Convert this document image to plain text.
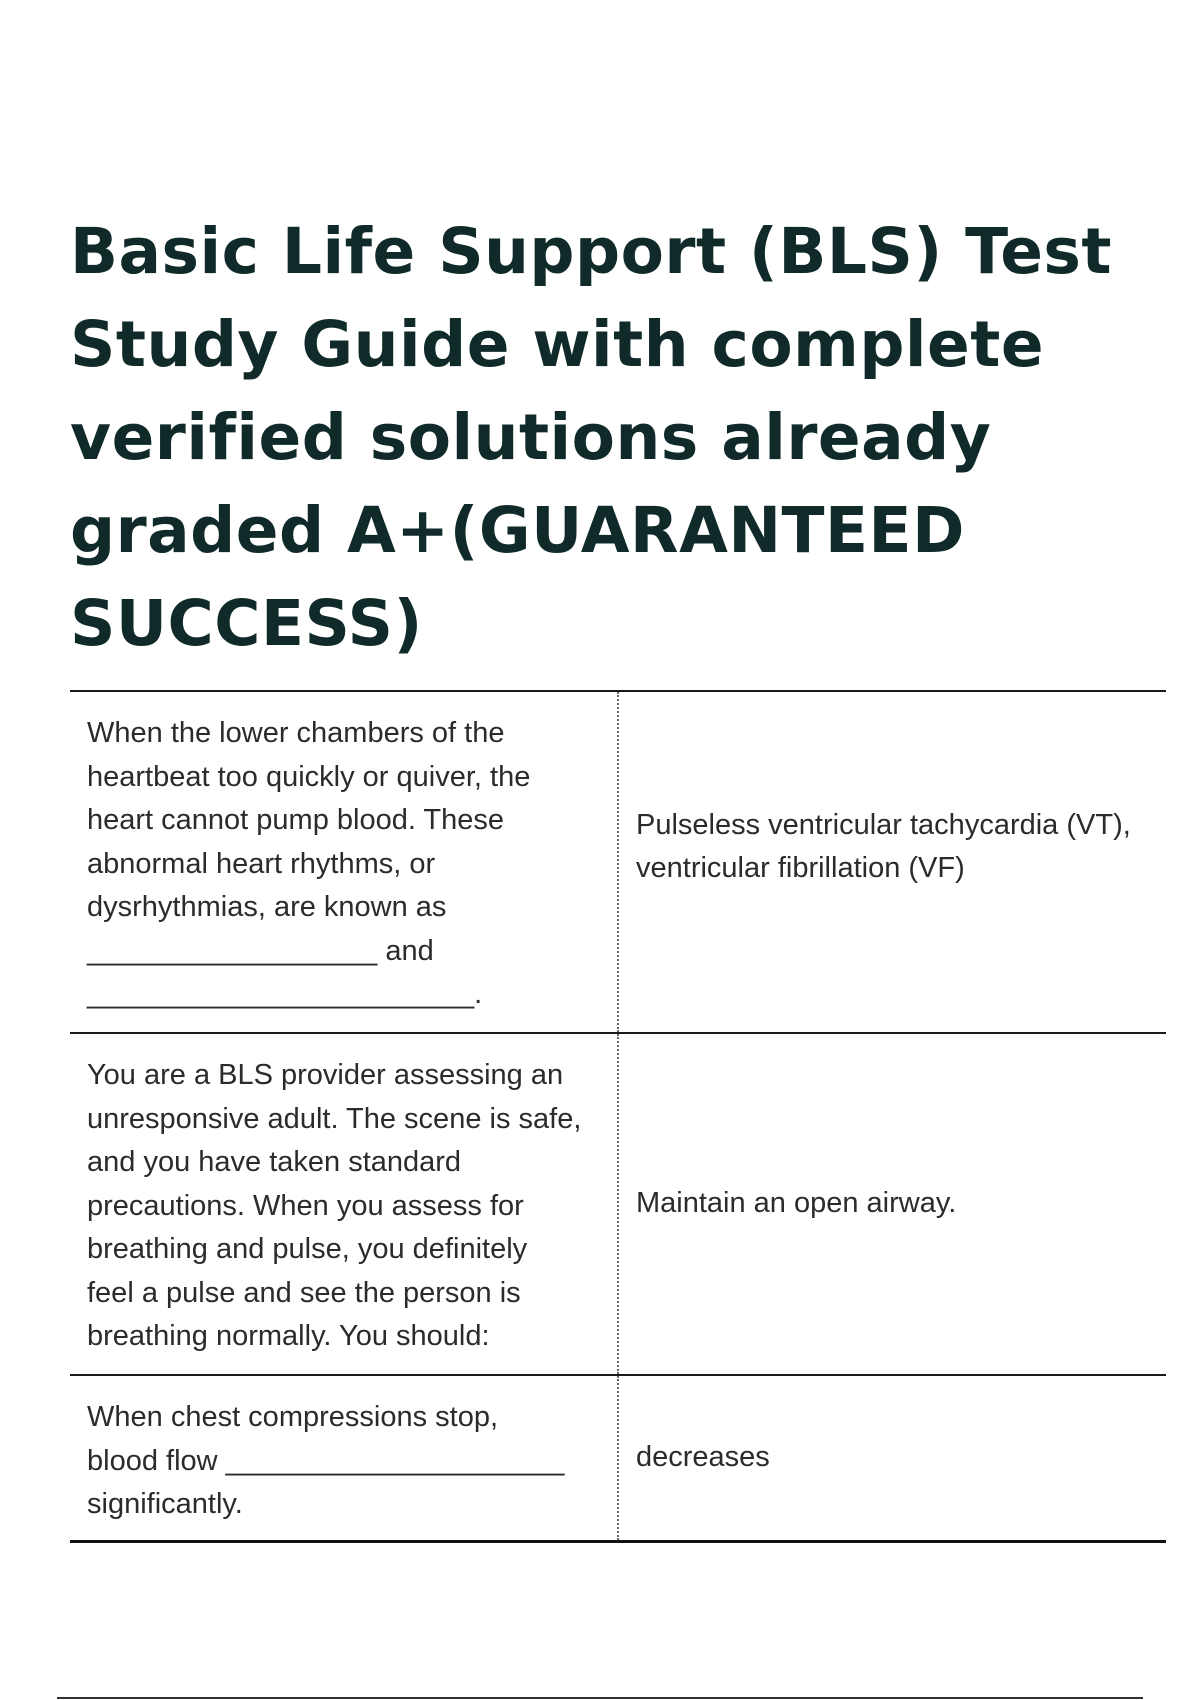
Basic Life Support (BLS) Test Study Guide with complete verified solutions already graded A+(GUARANTEED SUCCESS)
When the lower chambers of the
heartbeat too quickly or quiver, the
heart cannot pump blood. These
abnormal heart rhythms, or
dysrhythmias, are known as
__________________ and
________________________.
Pulseless ventricular tachycardia (VT), ventricular fibrillation (VF)
You are a BLS provider assessing an
unresponsive adult. The scene is safe,
and you have taken standard
precautions. When you assess for
breathing and pulse, you definitely
feel a pulse and see the person is
breathing normally. You should:
Maintain an open airway.
When chest compressions stop,
blood flow _____________________
significantly.
decreases
